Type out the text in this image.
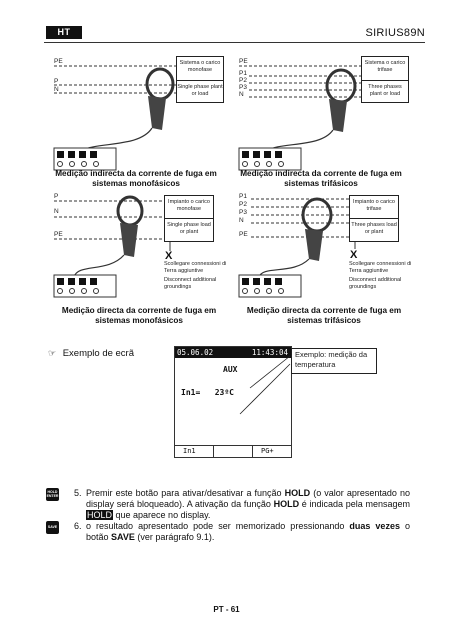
HT	SIRIUS89N
PE
P
N
Sistema o carico monofase
Single phase plant or load
Medição indirecta da corrente de fuga em sistemas monofásicos
PE
P1
P2
P3
N
Sistema o carico trifase
Three phases plant or load
Medição indirecta da corrente de fuga em sistemas trifásicos
P
N
PE
X
Impianto o carico monofase
Single phase load or plant
Scollegare connessioni di Terra aggiuntive
Disconnect additional groundings
Medição directa da corrente de fuga em sistemas monofásicos
P1
P2
P3
N
PE
X
Impianto o carico trifase
Three phases load or plant
Scollegare connessioni di Terra aggiuntive
Disconnect additional groundings
Medição directa da corrente de fuga em sistemas trifásicos
☞ Exemplo de ecrã	05.06.02	11:43:04
AUX
In1=   23ºC
In1	PG+
Exemplo: medição da temperatura
HOLD ENTER 5. Premir este botão para ativar/desativar a função HOLD (o valor apresentado no display será bloqueado). A ativação da função HOLD é indicada pela mensagem HOLD que aparece no display.
SAVE 6. o resultado apresentado pode ser memorizado pressionando duas vezes o botão SAVE (ver parágrafo 9.1).
PT - 61
